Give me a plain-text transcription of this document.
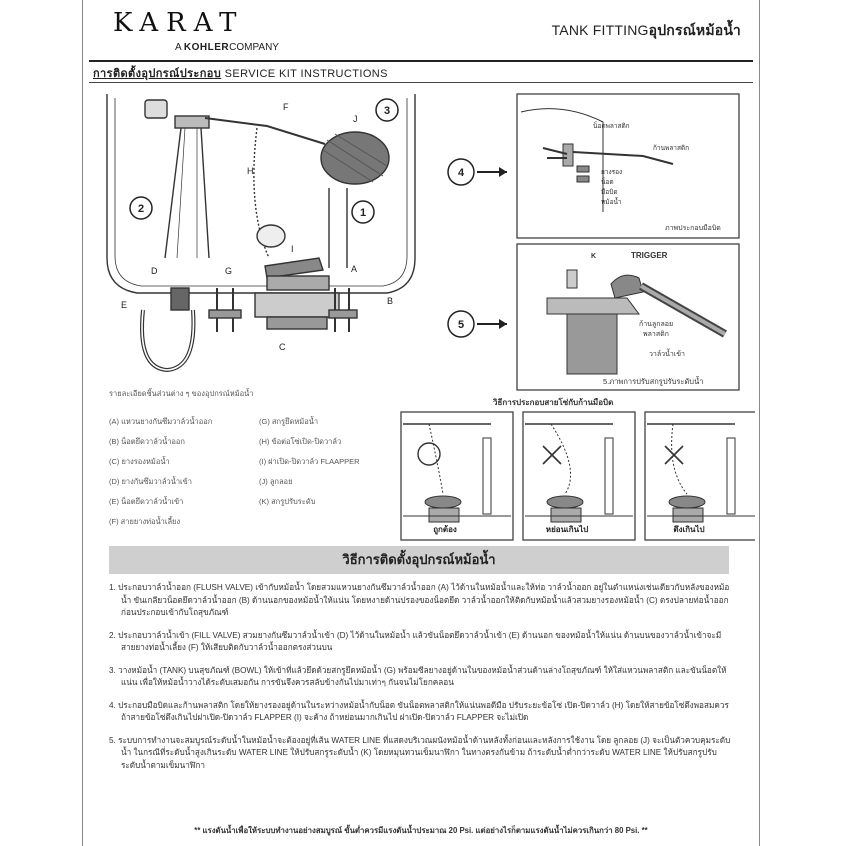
KARAT
A KOHLERCOMPANY
TANK FITTINGอุปกรณ์หม้อน้ำ
การติดตั้งอุปกรณ์ประกอบ SERVICE KIT INSTRUCTIONS
1
2
3
F
J
H
I
A
B
C
D
E
G
รายละเอียดชิ้นส่วนต่าง ๆ ของอุปกรณ์หม้อน้ำ
(A) แหวนยางกันซึมวาล์วน้ำออก
(B) น็อตยึดวาล์วน้ำออก
(C) ยางรองหม้อน้ำ
(D) ยางกันซึมวาล์วน้ำเข้า
(E) น็อตยึดวาล์วน้ำเข้า
(F) สายยางท่อน้ำเลี้ยง
(G) สกรูยึดหม้อน้ำ
(H) ข้อต่อโซ่เปิด-ปิดวาล์ว
(I) ฝาเปิด-ปิดวาล์ว FLAAPPER
(J) ลูกลอย
(K) สกรูปรับระดับ
4
น็อตพลาสติก
ก้านพลาสติก
ยางรอง
น็อต
มือบิด
หม้อน้ำ
ภาพประกอบมือบิด
5
K	TRIGGER
ก้านลูกลอย
พลาสติก
วาล์วน้ำเข้า
5.ภาพการปรับสกรูปรับระดับน้ำ
วิธีการประกอบสายโซ่กับก้านมือบิด
ถูกต้อง	หย่อนเกินไป	ตึงเกินไป
วิธีการติดตั้งอุปกรณ์หม้อน้ำ
1. ประกอบวาล์วน้ำออก (FLUSH VALVE) เข้ากับหม้อน้ำ โดยสวมแหวนยางกันซึมวาล์วน้ำออก (A) ไว้ด้านในหม้อน้ำและให้ท่อ วาล์วน้ำออก อยู่ในตำแหน่งเช่นเดียวกับหลังของหม้อน้ำ ขันเกลียวน็อตยึดวาล์วน้ำออก (B) ด้านนอกของหม้อน้ำให้แน่น โดยหงายด้านปรองของน็อตยึด วาล์วน้ำออกให้ติดกับหม้อน้ำแล้วสวมยางรองหม้อน้ำ (C) ตรงปลายท่อน้ำออกก่อนประกอบเข้ากับโถสุขภัณฑ์
2. ประกอบวาล์วน้ำเข้า (FILL VALVE) สวมยางกันซึมวาล์วน้ำเข้า (D) ไว้ด้านในหม้อน้ำ แล้วขันน็อตยึดวาล์วน้ำเข้า (E) ด้านนอก ของหม้อน้ำให้แน่น ด้านบนของวาล์วน้ำเข้าจะมีสายยางท่อน้ำเลี้ยง (F) ให้เสียบติดกับวาล์วน้ำออกตรงส่วนบน
3. วางหม้อน้ำ (TANK) บนสุขภัณฑ์ (BOWL) ให้เข้าที่แล้วยึดด้วยสกรูยึดหม้อน้ำ (G) พร้อมซีลยางอยู่ด้านในของหม้อน้ำส่วนด้านล่างโถสุขภัณฑ์ ให้ใส่แหวนพลาสติก และขันน็อตให้แน่น เพื่อให้หม้อน้ำวางได้ระดับเสมอกัน การขันจึงควรสลับข้างกันไปมาเท่าๆ กันจนไม่โยกคลอน
4. ประกอบมือบิดและก้านพลาสติก โดยให้ยางรองอยู่ด้านในระหว่างหม้อน้ำกับน็อต ขันน็อตพลาสติกให้แน่นพอดีมือ ปรับระยะข้อโซ่ เปิด-ปิดวาล์ว (H) โดยให้สายข้อโซ่ตึงพอสมควร ถ้าสายข้อโซ่ตึงเกินไปฝาเปิด-ปิดวาล์ว FLAPPER (I) จะค้าง ถ้าหย่อนมากเกินไป ฝาเปิด-ปิดวาล์ว FLAPPER จะไม่เปิด
5. ระบบการทำงานจะสมบูรณ์ระดับน้ำในหม้อน้ำจะต้องอยู่ที่เส้น WATER LINE ที่แสดงบริเวณผนังหม้อน้ำด้านหลังทั้งก่อนและหลังการใช้งาน โดย ลูกลอย (J) จะเป็นตัวควบคุมระดับน้ำ ในกรณีที่ระดับน้ำสูงเกินระดับ WATER LINE ให้ปรับสกรูระดับน้ำ (K) โดยหมุนทวนเข็มนาฬิกา ในทางตรงกันข้าม ถ้าระดับน้ำต่ำกว่าระดับ WATER LINE ให้ปรับสกรูปรับระดับน้ำตามเข็มนาฬิกา
** แรงดันน้ำเพื่อให้ระบบทำงานอย่างสมบูรณ์ ขั้นต่ำควรมีแรงดันน้ำประมาณ 20 Psi. แต่อย่างไรก็ตามแรงดันน้ำไม่ควรเกินกว่า 80 Psi. **
